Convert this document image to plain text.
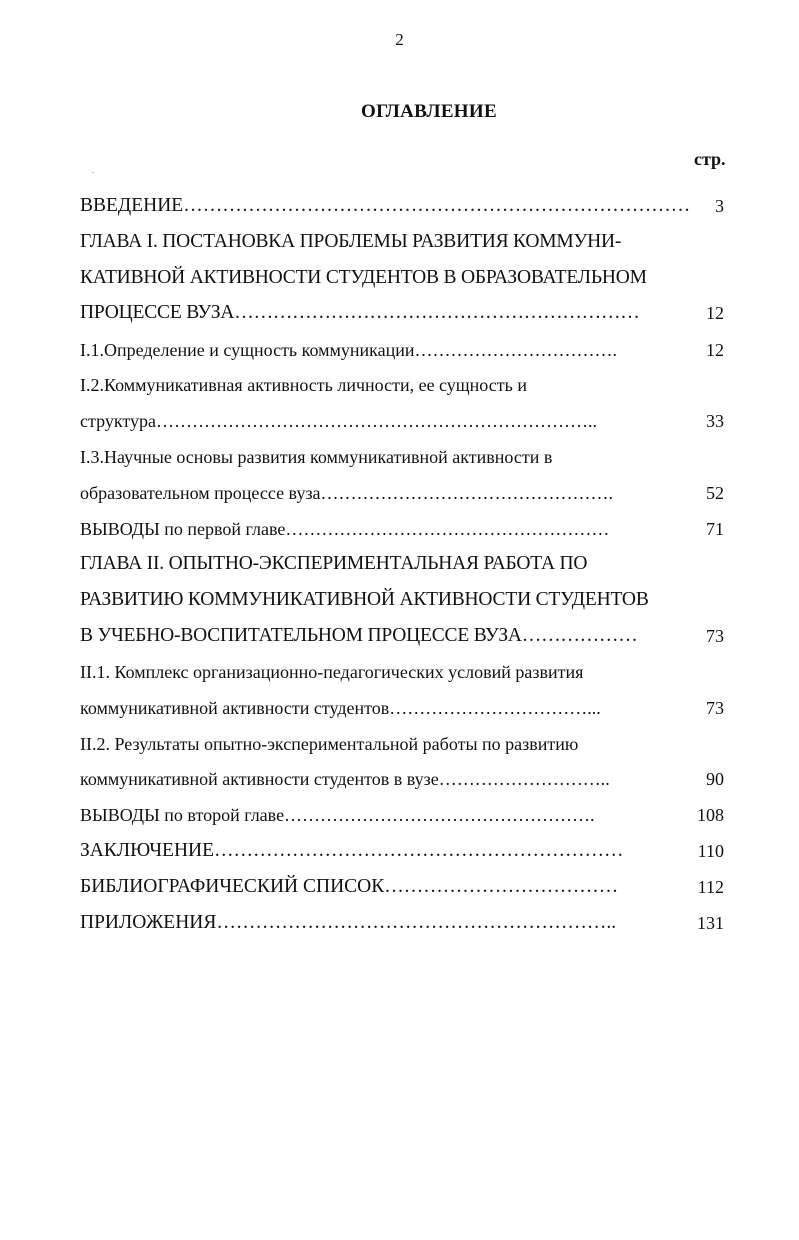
2
ОГЛАВЛЕНИЕ
стр.
ВВЕДЕНИЕ……………………………………………………………………	3
ГЛАВА I. ПОСТАНОВКА ПРОБЛЕМЫ РАЗВИТИЯ КОММУНИ-
КАТИВНОЙ АКТИВНОСТИ СТУДЕНТОВ В ОБРАЗОВАТЕЛЬНОМ
ПРОЦЕССЕ ВУЗА………………………………………………………	12
I.1.Определение и сущность коммуникации…………………………….	12
I.2.Коммуникативная активность личности, ее сущность и
структура………………………………………………………………..	33
I.3.Научные основы развития коммуникативной активности в
образовательном процессе вуза………………………………………….	52
ВЫВОДЫ по первой главе………………………………………………	71
ГЛАВА II. ОПЫТНО-ЭКСПЕРИМЕНТАЛЬНАЯ РАБОТА ПО
РАЗВИТИЮ КОММУНИКАТИВНОЙ АКТИВНОСТИ СТУДЕНТОВ
В УЧЕБНО-ВОСПИТАТЕЛЬНОМ ПРОЦЕССЕ ВУЗА………………	73
II.1. Комплекс организационно-педагогических условий развития
коммуникативной активности студентов……………………………...	73
II.2. Результаты опытно-экспериментальной работы по развитию
коммуникативной активности студентов в вузе………………………..	90
ВЫВОДЫ по второй главе…………………………………………….	108
ЗАКЛЮЧЕНИЕ………………………………………………………	110
БИБЛИОГРАФИЧЕСКИЙ СПИСОК………………………………	112
ПРИЛОЖЕНИЯ……………………………………………………..	131
